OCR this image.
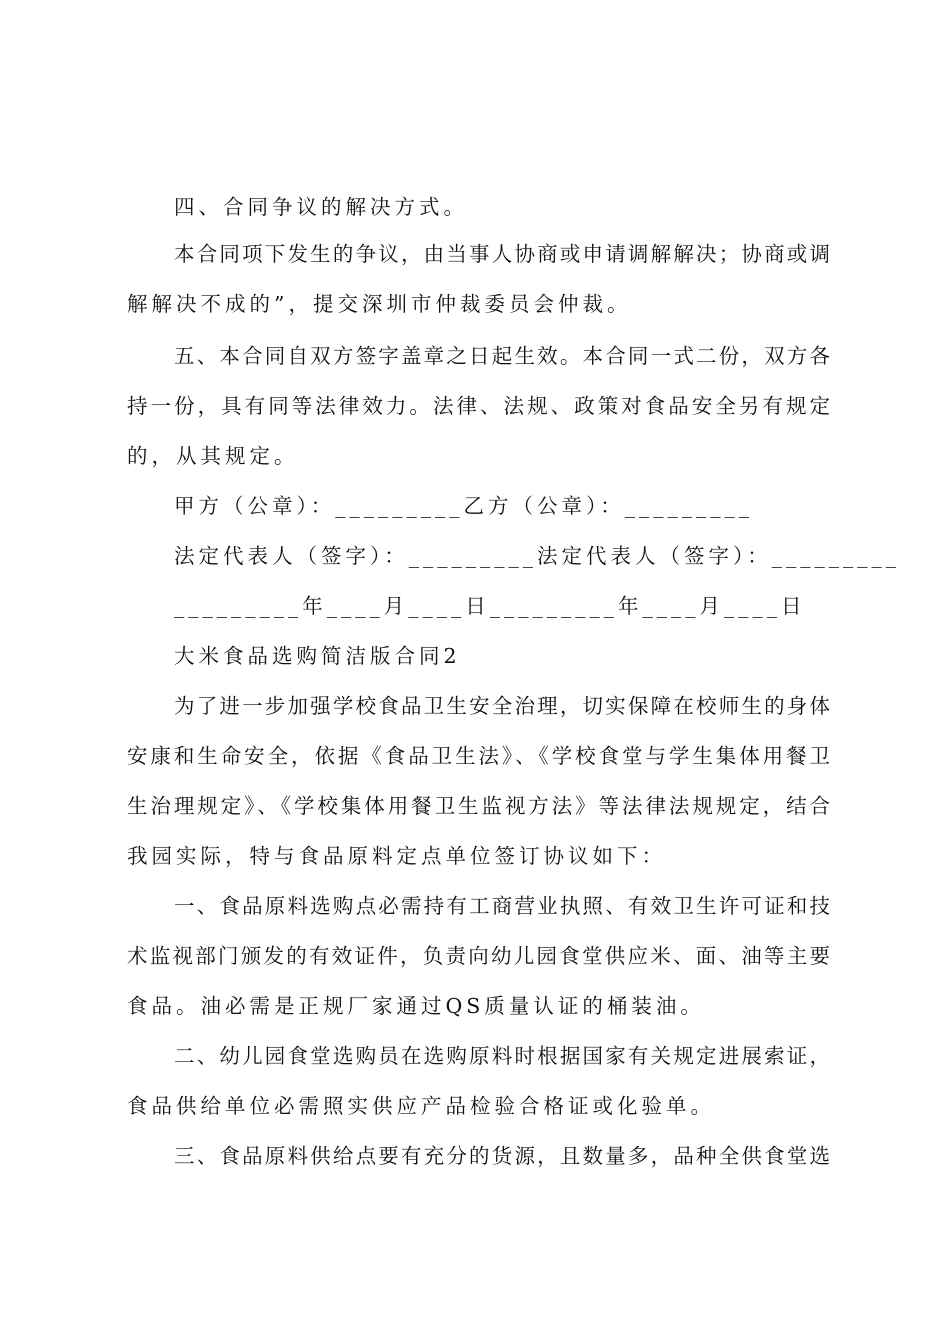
四、合同争议的解决方式。
本合同项下发生的争议，由当事人协商或申请调解解决；协商或调
解解决不成的”，提交深圳市仲裁委员会仲裁。
五、本合同自双方签字盖章之日起生效。本合同一式二份，双方各
持一份，具有同等法律效力。法律、法规、政策对食品安全另有规定
的，从其规定。
甲方（公章）：_________乙方（公章）：_________
法定代表人（签字）：_________法定代表人（签字）：_________
_________年____月____日_________年____月____日
大米食品选购简洁版合同2
为了进一步加强学校食品卫生安全治理，切实保障在校师生的身体
安康和生命安全，依据《食品卫生法》、《学校食堂与学生集体用餐卫
生治理规定》、《学校集体用餐卫生监视方法》等法律法规规定，结合
我园实际，特与食品原料定点单位签订协议如下：
一、食品原料选购点必需持有工商营业执照、有效卫生许可证和技
术监视部门颁发的有效证件，负责向幼儿园食堂供应米、面、油等主要
食品。油必需是正规厂家通过QS质量认证的桶装油。
二、幼儿园食堂选购员在选购原料时根据国家有关规定进展索证，
食品供给单位必需照实供应产品检验合格证或化验单。
三、食品原料供给点要有充分的货源，且数量多，品种全供食堂选
